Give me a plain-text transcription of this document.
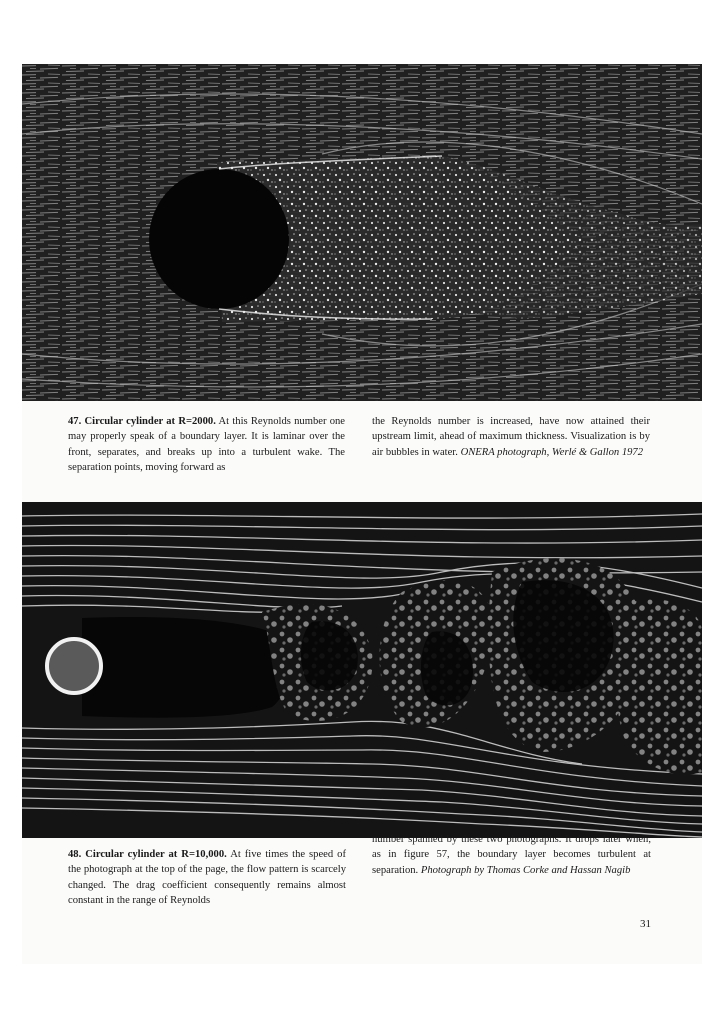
47. Circular cylinder at R=2000. At this Reynolds number one may properly speak of a boundary layer. It is laminar over the front, separates, and breaks up into a turbulent wake. The separation points, moving forward as
the Reynolds number is increased, have now attained their upstream limit, ahead of maximum thickness. Visualization is by air bubbles in water. ONERA photograph, Werlé & Gallon 1972
48. Circular cylinder at R=10,000. At five times the speed of the photograph at the top of the page, the flow pattern is scarcely changed. The drag coefficient consequently remains almost constant in the range of Reynolds
number spanned by these two photographs. It drops later when, as in figure 57, the boundary layer becomes turbulent at separation. Photograph by Thomas Corke and Hassan Nagib
31
